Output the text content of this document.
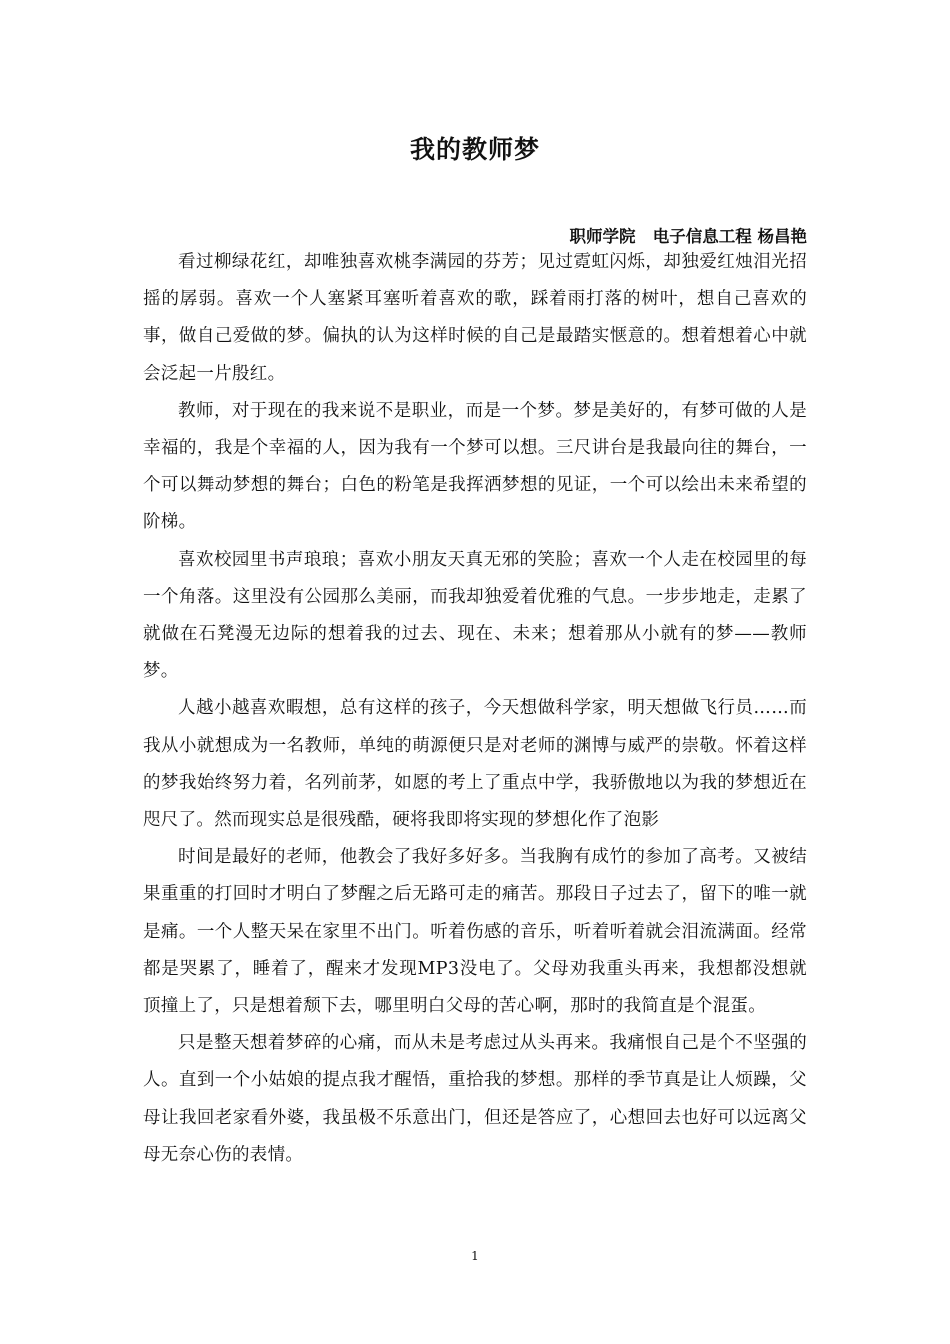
我的教师梦
职师学院   电子信息工程 杨昌艳

看过柳绿花红，却唯独喜欢桃李满园的芬芳；见过霓虹闪烁，却独爱红烛泪光招摇的孱弱。喜欢一个人塞紧耳塞听着喜欢的歌，踩着雨打落的树叶，想自己喜欢的事，做自己爱做的梦。偏执的认为这样时候的自己是最踏实惬意的。想着想着心中就会泛起一片殷红。

教师，对于现在的我来说不是职业，而是一个梦。梦是美好的，有梦可做的人是幸福的，我是个幸福的人，因为我有一个梦可以想。三尺讲台是我最向往的舞台，一个可以舞动梦想的舞台；白色的粉笔是我挥洒梦想的见证，一个可以绘出未来希望的阶梯。

喜欢校园里书声琅琅；喜欢小朋友天真无邪的笑脸；喜欢一个人走在校园里的每一个角落。这里没有公园那么美丽，而我却独爱着优雅的气息。一步步地走，走累了就做在石凳漫无边际的想着我的过去、现在、未来；想着那从小就有的梦——教师梦。

人越小越喜欢暇想，总有这样的孩子，今天想做科学家，明天想做飞行员……而我从小就想成为一名教师，单纯的萌源便只是对老师的渊博与威严的崇敬。怀着这样的梦我始终努力着，名列前茅，如愿的考上了重点中学，我骄傲地以为我的梦想近在咫尺了。然而现实总是很残酷，硬将我即将实现的梦想化作了泡影

时间是最好的老师，他教会了我好多好多。当我胸有成竹的参加了高考。又被结果重重的打回时才明白了梦醒之后无路可走的痛苦。那段日子过去了，留下的唯一就是痛。一个人整天呆在家里不出门。听着伤感的音乐，听着听着就会泪流满面。经常都是哭累了，睡着了，醒来才发现MP3没电了。父母劝我重头再来，我想都没想就顶撞上了，只是想着颓下去，哪里明白父母的苦心啊，那时的我简直是个混蛋。

只是整天想着梦碎的心痛，而从未是考虑过从头再来。我痛恨自己是个不坚强的人。直到一个小姑娘的提点我才醒悟，重拾我的梦想。那样的季节真是让人烦躁，父母让我回老家看外婆，我虽极不乐意出门，但还是答应了，心想回去也好可以远离父母无奈心伤的表情。

1
